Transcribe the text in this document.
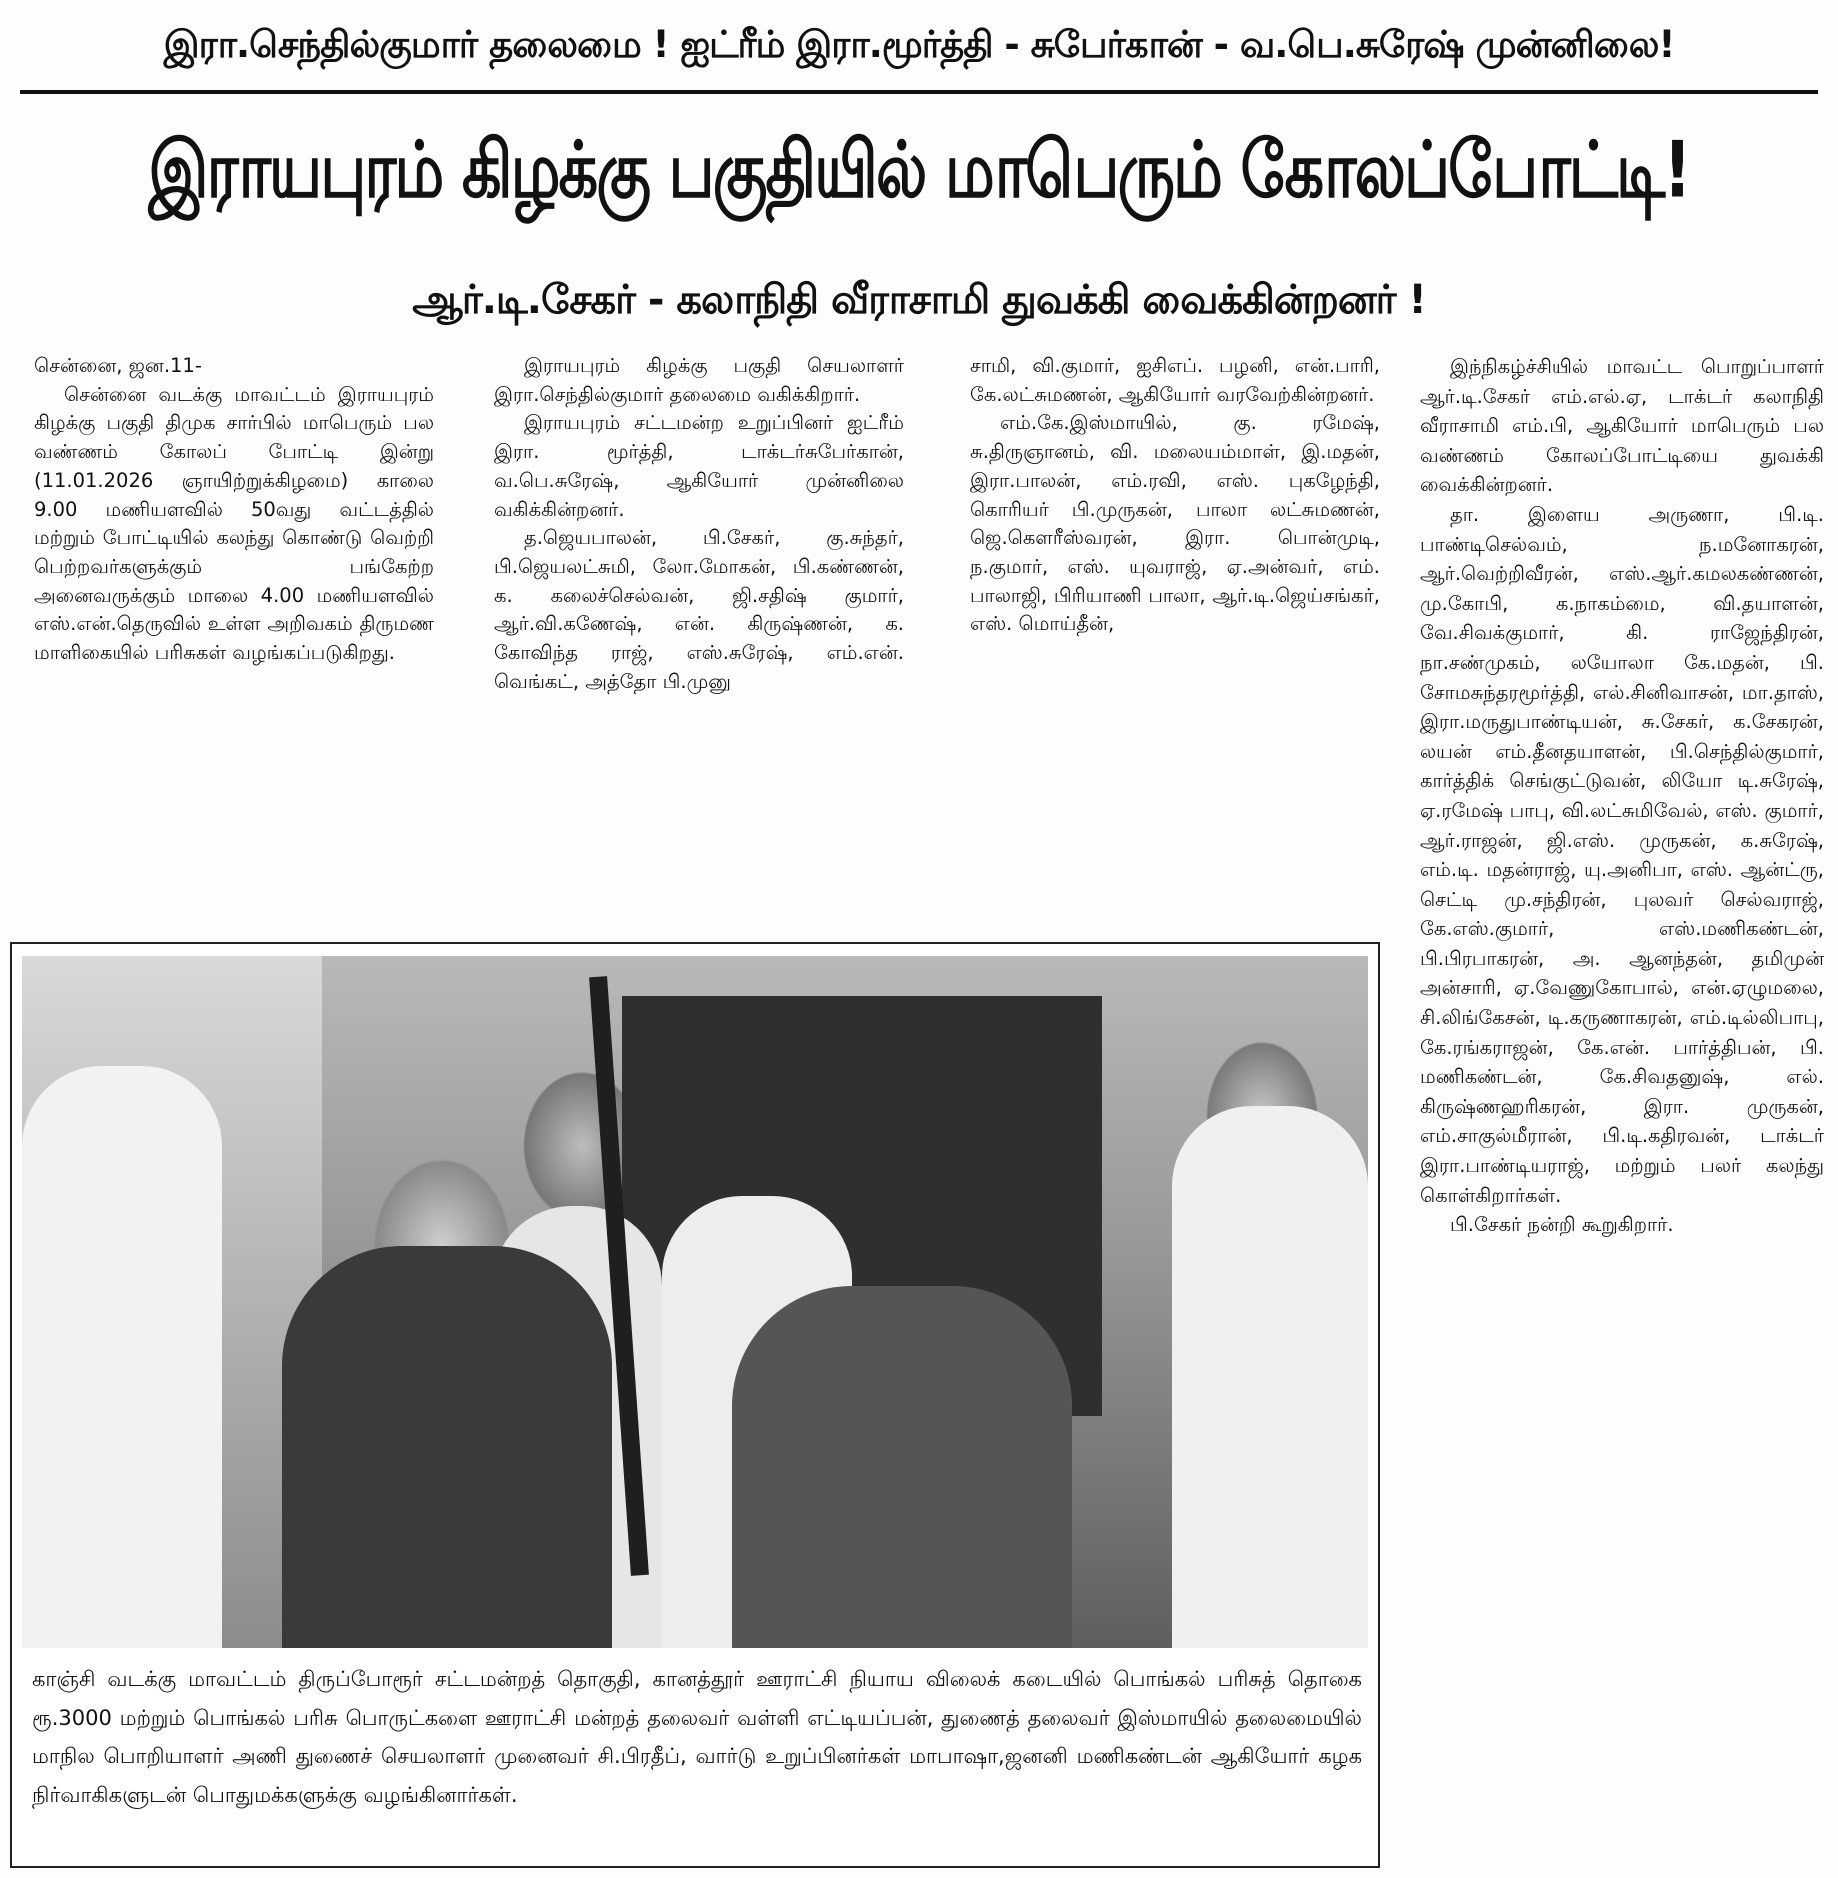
இரா.செந்தில்குமார் தலைமை ! ஐட்ரீம் இரா.மூர்த்தி - சுபேர்கான் - வ.பெ.சுரேஷ் முன்னிலை!
இராயபுரம் கிழக்கு பகுதியில் மாபெரும் கோலப்போட்டி!
ஆர்.டி.சேகர் - கலாநிதி வீராசாமி துவக்கி வைக்கின்றனர் !

சென்னை, ஜன.11-

சென்னை வடக்கு மாவட்டம் இராயபுரம் கிழக்கு பகுதி திமுக சார்பில் மாபெரும் பல வண்ணம் கோலப் போட்டி இன்று (11.01.2026 ஞாயிற்றுக்கிழமை) காலை 9.00 மணியளவில் 50வது வட்டத்தில் மற்றும் போட்டியில் கலந்து கொண்டு வெற்றி பெற்றவர்களுக்கும் பங்கேற்ற அனைவருக்கும் மாலை 4.00 மணியளவில் எஸ்.என்.தெருவில் உள்ள அறிவகம் திருமண மாளிகையில் பரிசுகள் வழங்கப்படுகிறது.

இராயபுரம் கிழக்கு பகுதி செயலாளர் இரா.செந்தில்குமார் தலைமை வகிக்கிறார்.

இராயபுரம் சட்டமன்ற உறுப்பினர் ஐட்ரீம் இரா. மூர்த்தி, டாக்டர்சுபேர்கான், வ.பெ.சுரேஷ், ஆகியோர் முன்னிலை வகிக்கின்றனர்.

த.ஜெயபாலன், பி.சேகர், கு.சுந்தர், பி.ஜெயலட்சுமி, லோ.மோகன், பி.கண்ணன், க. கலைச்செல்வன், ஜி.சதிஷ் குமார், ஆர்.வி.கணேஷ், என். கிருஷ்ணன், க. கோவிந்த ராஜ், எஸ்.சுரேஷ், எம்.என். வெங்கட், அத்தோ பி.முனு

சாமி, வி.குமார், ஐசிஎப். பழனி, என்.பாரி, கே.லட்சுமணன், ஆகியோர் வரவேற்கின்றனர்.

எம்.கே.இஸ்மாயில், கு. ரமேஷ், சு.திருஞானம், வி. மலையம்மாள், இ.மதன், இரா.பாலன், எம்.ரவி, எஸ். புகழேந்தி, கொரியர் பி.முருகன், பாலா லட்சுமணன், ஜெ.கௌரீஸ்வரன், இரா. பொன்முடி, ந.குமார், எஸ். யுவராஜ், ஏ.அன்வர், எம். பாலாஜி, பிரியாணி பாலா, ஆர்.டி.ஜெய்சங்கர், எஸ். மொய்தீன்,

இந்நிகழ்ச்சியில் மாவட்ட பொறுப்பாளர் ஆர்.டி.சேகர் எம்.எல்.ஏ, டாக்டர் கலாநிதி வீராசாமி எம்.பி, ஆகியோர் மாபெரும் பல வண்ணம் கோலப்போட்டியை துவக்கி வைக்கின்றனர்.

தா. இளைய அருணா, பி.டி. பாண்டிசெல்வம், ந.மனோகரன், ஆர்.வெற்றிவீரன், எஸ்.ஆர்.கமலகண்ணன், மு.கோபி, க.நாகம்மை, வி.தயாளன், வே.சிவக்குமார், கி. ராஜேந்திரன், நா.சண்முகம், லயோலா கே.மதன், பி. சோமசுந்தரமூர்த்தி, எல்.சினிவாசன், மா.தாஸ், இரா.மருதுபாண்டியன், சு.சேகர், க.சேகரன், லயன் எம்.தீனதயாளன், பி.செந்தில்குமார், கார்த்திக் செங்குட்டுவன், லியோ டி.சுரேஷ், ஏ.ரமேஷ் பாபு, வி.லட்சுமிவேல், எஸ். குமார், ஆர்.ராஜன், ஜி.எஸ். முருகன், க.சுரேஷ், எம்.டி. மதன்ராஜ், யு.அனிபா, எஸ். ஆன்ட்ரு, செட்டி மு.சந்திரன், புலவர் செல்வராஜ், கே.எஸ்.குமார், எஸ்.மணிகண்டன், பி.பிரபாகரன், அ. ஆனந்தன், தமிமுன் அன்சாரி, ஏ.வேணுகோபால், என்.ஏழுமலை, சி.லிங்கேசன், டி.கருணாகரன், எம்.டில்லிபாபு, கே.ரங்கராஜன், கே.என். பார்த்திபன், பி. மணிகண்டன், கே.சிவதனுஷ், எல். கிருஷ்ணஹரிகரன், இரா. முருகன், எம்.சாகுல்மீரான், பி.டி.கதிரவன், டாக்டர் இரா.பாண்டியராஜ், மற்றும் பலர் கலந்து கொள்கிறார்கள்.

பி.சேகர் நன்றி கூறுகிறார்.

காஞ்சி வடக்கு மாவட்டம் திருப்போரூர் சட்டமன்றத் தொகுதி, கானத்தூர் ஊராட்சி நியாய விலைக் கடையில் பொங்கல் பரிசுத் தொகை ரூ.3000 மற்றும் பொங்கல் பரிசு பொருட்களை ஊராட்சி மன்றத் தலைவர் வள்ளி எட்டியப்பன், துணைத் தலைவர் இஸ்மாயில் தலைமையில் மாநில பொறியாளர் அணி துணைச் செயலாளர் முனைவர் சி.பிரதீப், வார்டு உறுப்பினர்கள் மாபாஷா,ஜனனி மணிகண்டன் ஆகியோர் கழக நிர்வாகிகளுடன் பொதுமக்களுக்கு வழங்கினார்கள்.
